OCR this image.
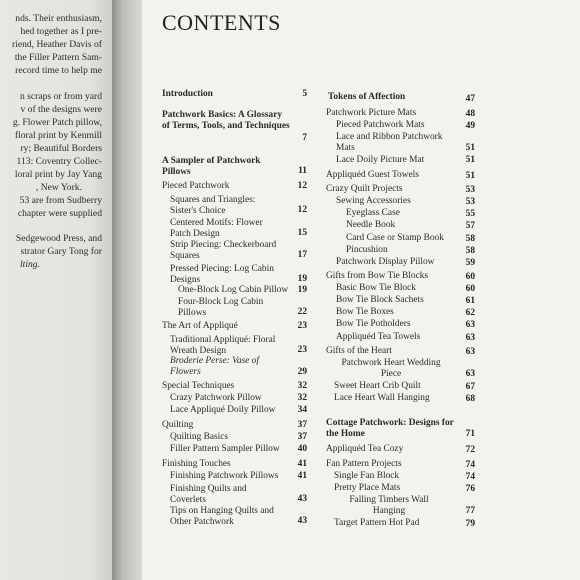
nds. Their enthusiasm,
hed together as I pre-
riend, Heather Davis of
the Filler Pattern Sam-
record time to help me
n scraps or from yard
v of the designs were
g. Flower Patch pillow,
floral print by Kenmill
ry; Beautiful Borders
113: Coventry Collec-
loral print by Jay Yang
, New York.
53 are from Sudberry
chapter were supplied
Sedgewood Press, and
strator Gary Tong for
lting.
CONTENTS
Introduction	5
Patchwork Basics: A Glossary of Terms, Tools, and Techniques
7
A Sampler of Patchwork Pillows	11
Pieced Patchwork	12
Squares and Triangles: Sister's Choice	12
Centered Motifs: Flower Patch Design	15
Strip Piecing: Checkerboard Squares	17
Pressed Piecing: Log Cabin Designs	19
One-Block Log Cabin Pillow	19
Four-Block Log Cabin Pillows	22
The Art of Appliqué	23
Traditional Appliqué: Floral Wreath Design	23
Broderie Perse: Vase of Flowers	29
Special Techniques	32
Crazy Patchwork Pillow	32
Lace Appliqué Doily Pillow	34
Quilting	37
Quilting Basics	37
Filler Pattern Sampler Pillow	40
Finishing Touches	41
Finishing Patchwork Pillows	41
Finishing Quilts and Coverlets	43
Tips on Hanging Quilts and Other Patchwork	43
Tokens of Affection	47
Patchwork Picture Mats	48
Pieced Patchwork Mats	49
Lace and Ribbon Patchwork Mats	51
Lace Doily Picture Mat	51
Appliquéd Guest Towels	51
Crazy Quilt Projects	53
Sewing Accessories	53
Eyeglass Case	55
Needle Book	57
Card Case or Stamp Book	58
Pincushion	58
Patchwork Display Pillow	59
Gifts from Bow Tie Blocks	60
Basic Bow Tie Block	60
Bow Tie Block Sachets	61
Bow Tie Boxes	62
Bow Tie Potholders	63
Appliquéd Tea Towels	63
Gifts of the Heart	63
Patchwork Heart Wedding Piece	63
Sweet Heart Crib Quilt	67
Lace Heart Wall Hanging	68
Cottage Patchwork: Designs for the Home	71
Appliquéd Tea Cozy	72
Fan Pattern Projects	74
Single Fan Block	74
Pretty Place Mats	76
Falling Timbers Wall Hanging	77
Target Pattern Hot Pad	79
